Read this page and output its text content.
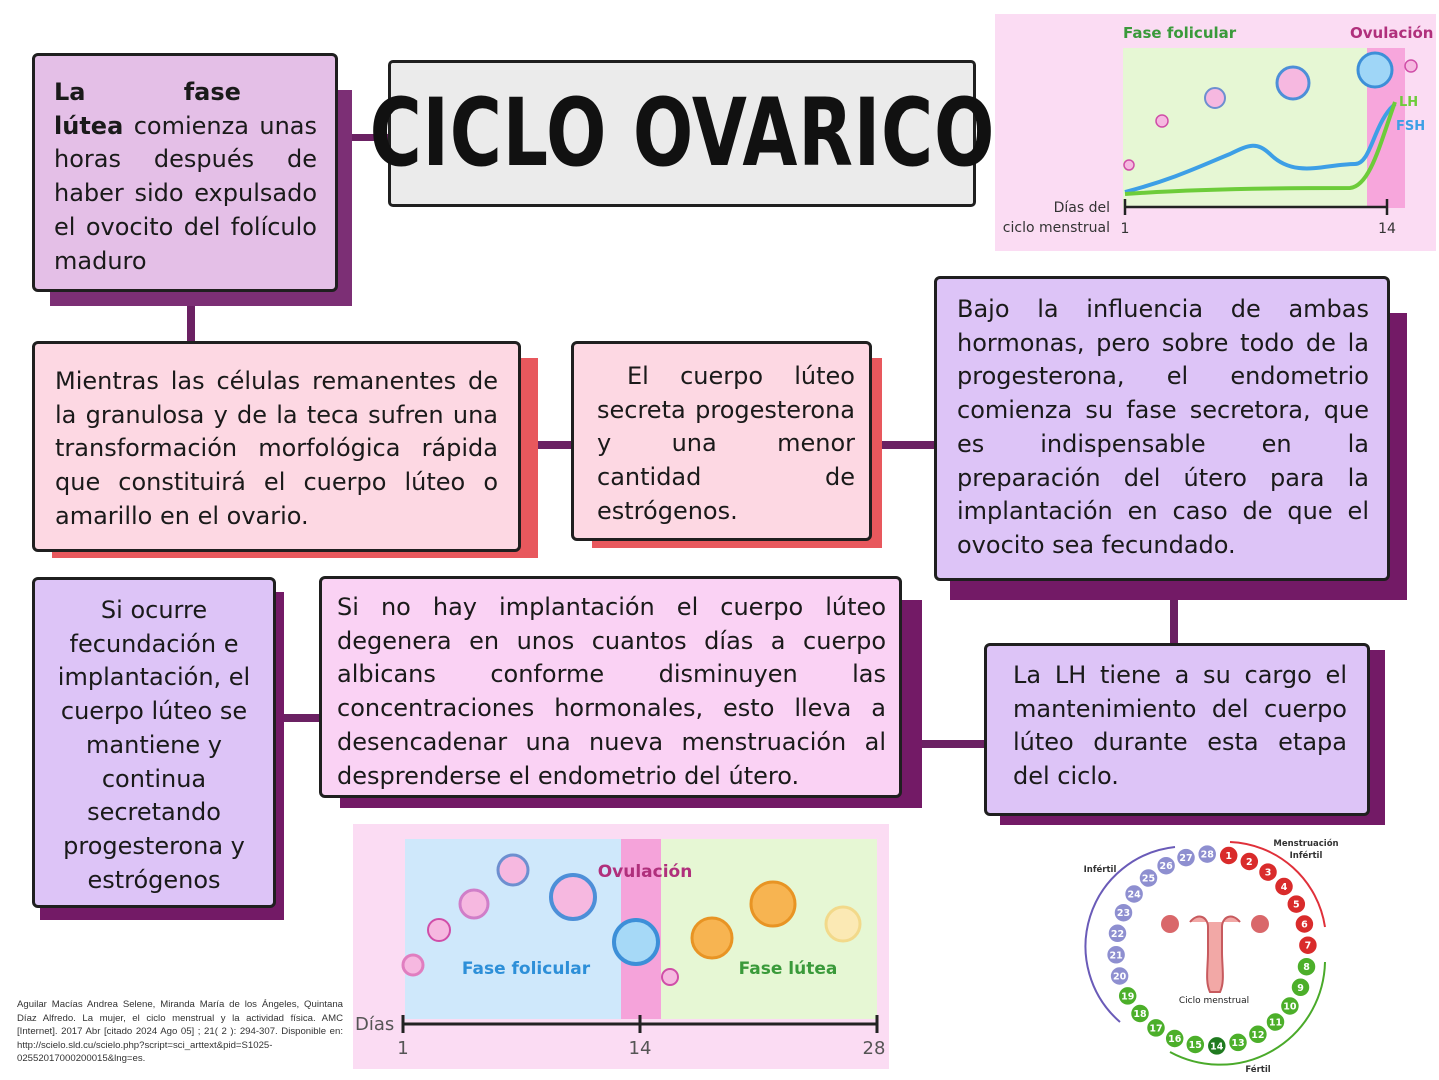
CICLO OVARICO
La	fase  lútea comienza unas horas después de haber sido expulsado el ovocito del folículo maduro
Mientras las células remanentes de la granulosa y de la teca sufren una transformación morfológica rápida que constituirá el cuerpo lúteo o amarillo en el ovario.
El cuerpo lúteo secreta progesterona y una menor cantidad de estrógenos.
Bajo la influencia de ambas hormonas, pero sobre todo de la progesterona, el endometrio comienza su fase secretora, que es indispensable en la preparación del útero para la implantación en caso de que el ovocito sea fecundado.
Si ocurre fecundación e implantación, el cuerpo lúteo se mantiene y continua secretando progesterona y estrógenos
Si no hay implantación el cuerpo lúteo degenera en unos cuantos días a cuerpo albicans conforme disminuyen las concentraciones hormonales, esto lleva a desencadenar una nueva menstruación al desprenderse el endometrio del útero.
La LH tiene a su cargo el mantenimiento del cuerpo lúteo durante esta etapa del ciclo.
Fase folicular	Ovulación
LH
FSH
Días del
ciclo menstrual 1	14
Ovulación
Fase folicular	Fase lútea
Días
1	14	28
Ciclo menstrual
Menstruación
Infértil
Infértil
Fértil
1
2
3
4
5
6
7
8
9
10
11
12
13
14
15
16
17
18
19
20
21
22
23
24
25
26
27 28
Aguilar Macías Andrea Selene, Miranda María de los Ángeles, Quintana Díaz Alfredo. La mujer, el ciclo menstrual y la actividad física. AMC [Internet]. 2017 Abr [citado 2024 Ago 05] ; 21( 2 ): 294-307. Disponible en: http://scielo.sld.cu/scielo.php?script=sci_arttext&pid=S1025-02552017000200015&lng=es.
